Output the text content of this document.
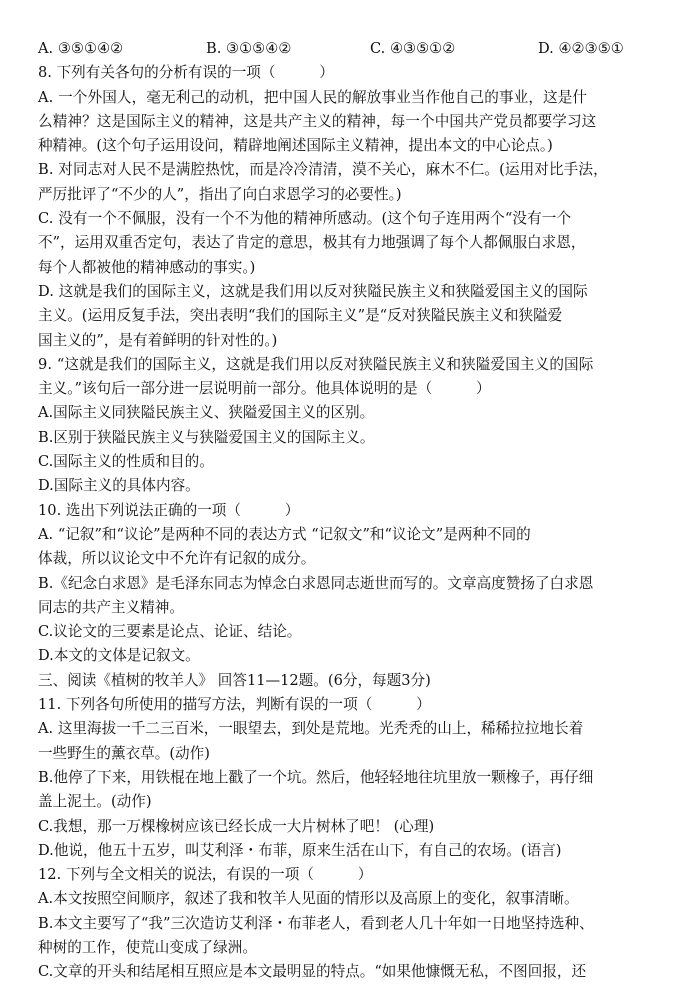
A. ③⑤①④②	B. ③①⑤④②	C. ④③⑤①②	D. ④②③⑤①
8. 下列有关各句的分析有误的一项（　　　）
A. 一个外国人，毫无利己的动机，把中国人民的解放事业当作他自己的事业，这是什
么精神？这是国际主义的精神，这是共产主义的精神，每一个中国共产党员都要学习这
种精神。(这个句子运用设问，精辟地阐述国际主义精神，提出本文的中心论点。)
B. 对同志对人民不是满腔热忱，而是冷冷清清，漠不关心，麻木不仁。(运用对比手法，
严厉批评了“不少的人”，指出了向白求恩学习的必要性。)
C. 没有一个不佩服，没有一个不为他的精神所感动。(这个句子连用两个“没有一个
不”，运用双重否定句，表达了肯定的意思，极其有力地强调了每个人都佩服白求恩，
每个人都被他的精神感动的事实。)
D. 这就是我们的国际主义，这就是我们用以反对狭隘民族主义和狭隘爱国主义的国际
主义。(运用反复手法，突出表明“我们的国际主义”是“反对狭隘民族主义和狭隘爱
国主义的”，是有着鲜明的针对性的。)
9. “这就是我们的国际主义，这就是我们用以反对狭隘民族主义和狭隘爱国主义的国际
主义。”该句后一部分进一层说明前一部分。他具体说明的是（　　　）
A.国际主义同狭隘民族主义、狭隘爱国主义的区别。
B.区别于狭隘民族主义与狭隘爱国主义的国际主义。
C.国际主义的性质和目的。
D.国际主义的具体内容。
10. 选出下列说法正确的一项（　　　）
A. “记叙”和“议论”是两种不同的表达方式 “记叙文”和“议论文”是两种不同的
体裁，所以议论文中不允许有记叙的成分。
B.《纪念白求恩》是毛泽东同志为悼念白求恩同志逝世而写的。文章高度赞扬了白求恩
同志的共产主义精神。
C.议论文的三要素是论点、论证、结论。
D.本文的文体是记叙文。
三、阅读《植树的牧羊人》 回答11—12题。(6分，每题3分)
11. 下列各句所使用的描写方法，判断有误的一项（　　　）
A. 这里海拔一千二三百米，一眼望去，到处是荒地。光秃秃的山上，稀稀拉拉地长着
一些野生的薰衣草。(动作)
B.他停了下来，用铁棍在地上戳了一个坑。然后，他轻轻地往坑里放一颗橡子，再仔细
盖上泥土。(动作)
C.我想，那一万棵橡树应该已经长成一大片树林了吧！ (心理)
D.他说，他五十五岁，叫艾利泽・布菲，原来生活在山下，有自己的农场。(语言)
12. 下列与全文相关的说法，有误的一项（　　　）
A.本文按照空间顺序，叙述了我和牧羊人见面的情形以及高原上的变化，叙事清晰。
B.本文主要写了“我”三次造访艾利泽・布菲老人，看到老人几十年如一日地坚持选种、
种树的工作，使荒山变成了绿洲。
C.文章的开头和结尾相互照应是本文最明显的特点。“如果他慷慨无私，不图回报，还
